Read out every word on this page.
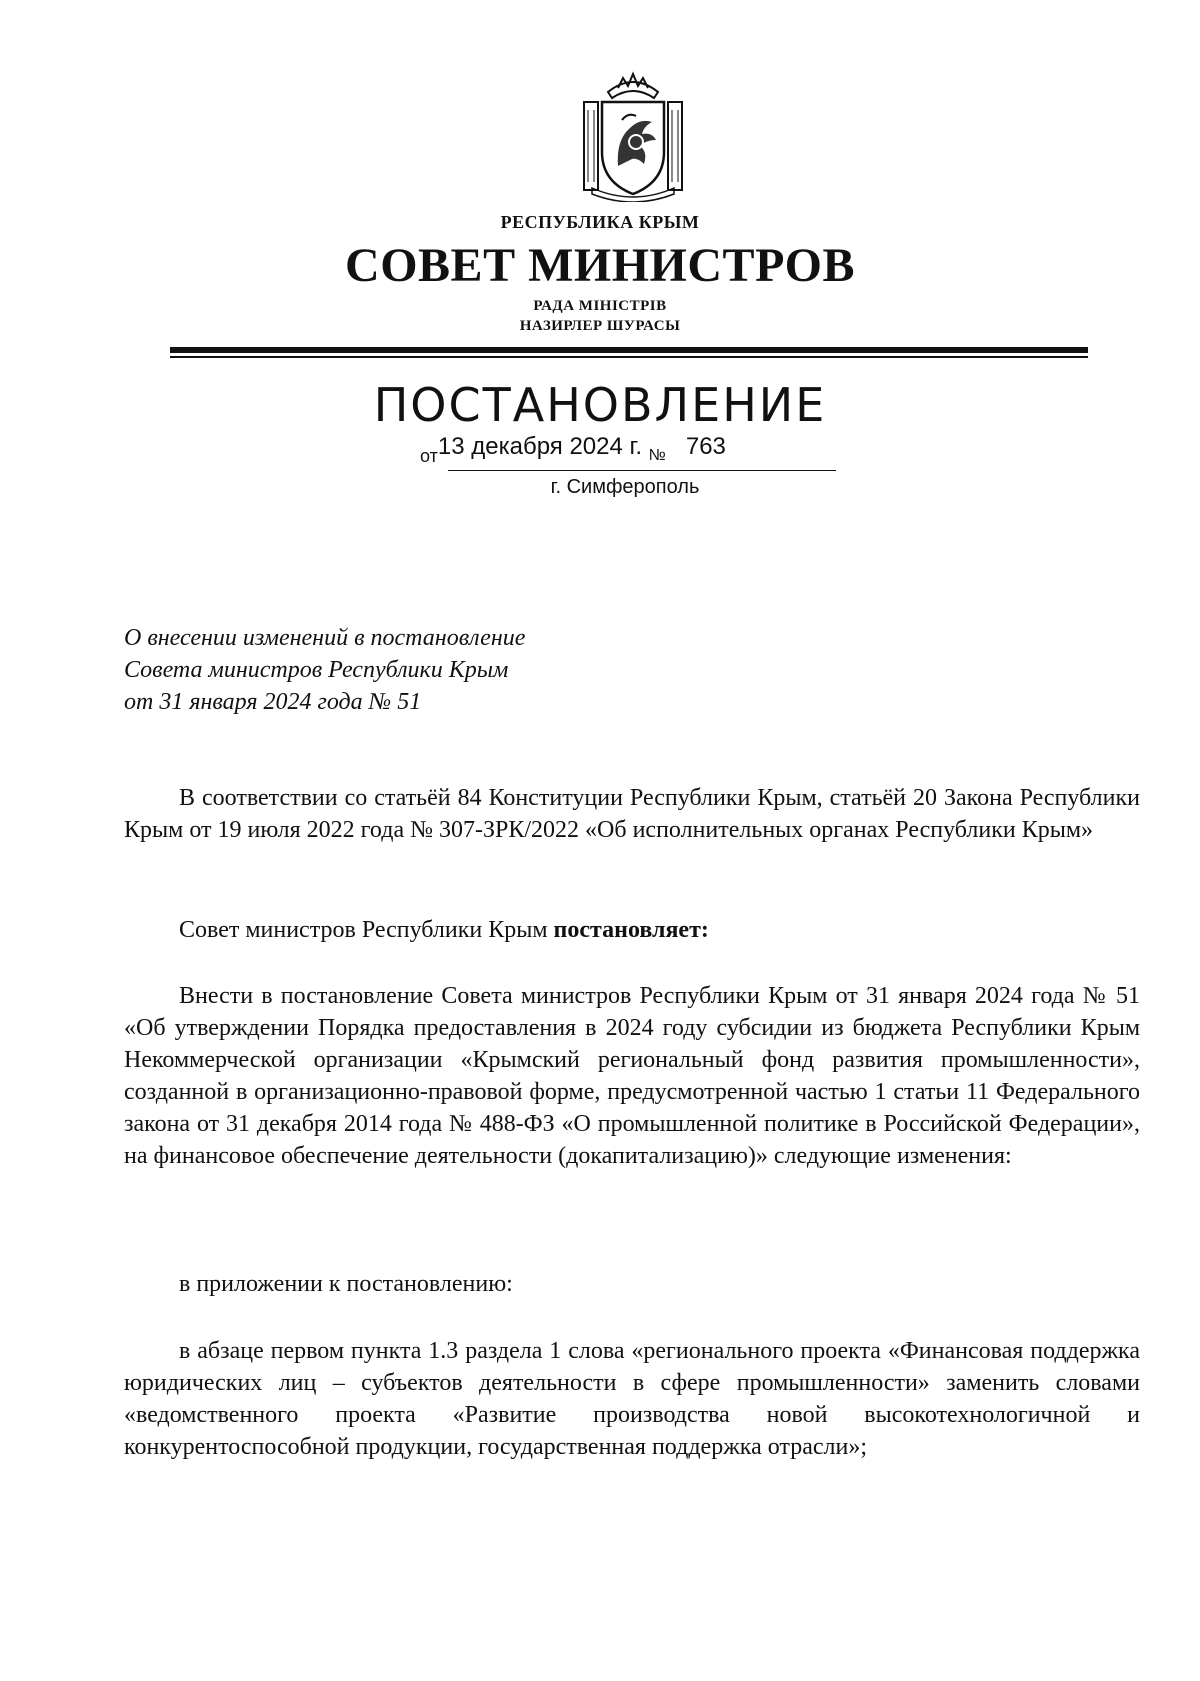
РЕСПУБЛИКА КРЫМ
СОВЕТ МИНИСТРОВ
РАДА МІНІСТРІВ
НАЗИРЛЕР ШУРАСЫ
ПОСТАНОВЛЕНИЕ
$_{от}$13 декабря 2024 г. $_№$ 763
г. Симферополь
О внесении изменений в постановление
Совета министров Республики Крым
от 31 января 2024 года № 51

В соответствии со статьёй 84 Конституции Республики Крым, статьёй 20 Закона Республики Крым от 19 июля 2022 года № 307-ЗРК/2022 «Об исполнительных органах Республики Крым»

Совет министров Республики Крым постановляет:

Внести в постановление Совета министров Республики Крым от 31 января 2024 года № 51 «Об утверждении Порядка предоставления в 2024 году субсидии из бюджета Республики Крым Некоммерческой организации «Крымский региональный фонд развития промышленности», созданной в организационно-правовой форме, предусмотренной частью 1 статьи 11 Федерального закона от 31 декабря 2014 года № 488-ФЗ «О промышленной политике в Российской Федерации», на финансовое обеспечение деятельности (докапитализацию)» следующие изменения:

в приложении к постановлению:

в абзаце первом пункта 1.3 раздела 1 слова «регионального проекта «Финансовая поддержка юридических лиц – субъектов деятельности в сфере промышленности» заменить словами «ведомственного проекта «Развитие производства новой высокотехнологичной и конкурентоспособной продукции, государственная поддержка отрасли»;
